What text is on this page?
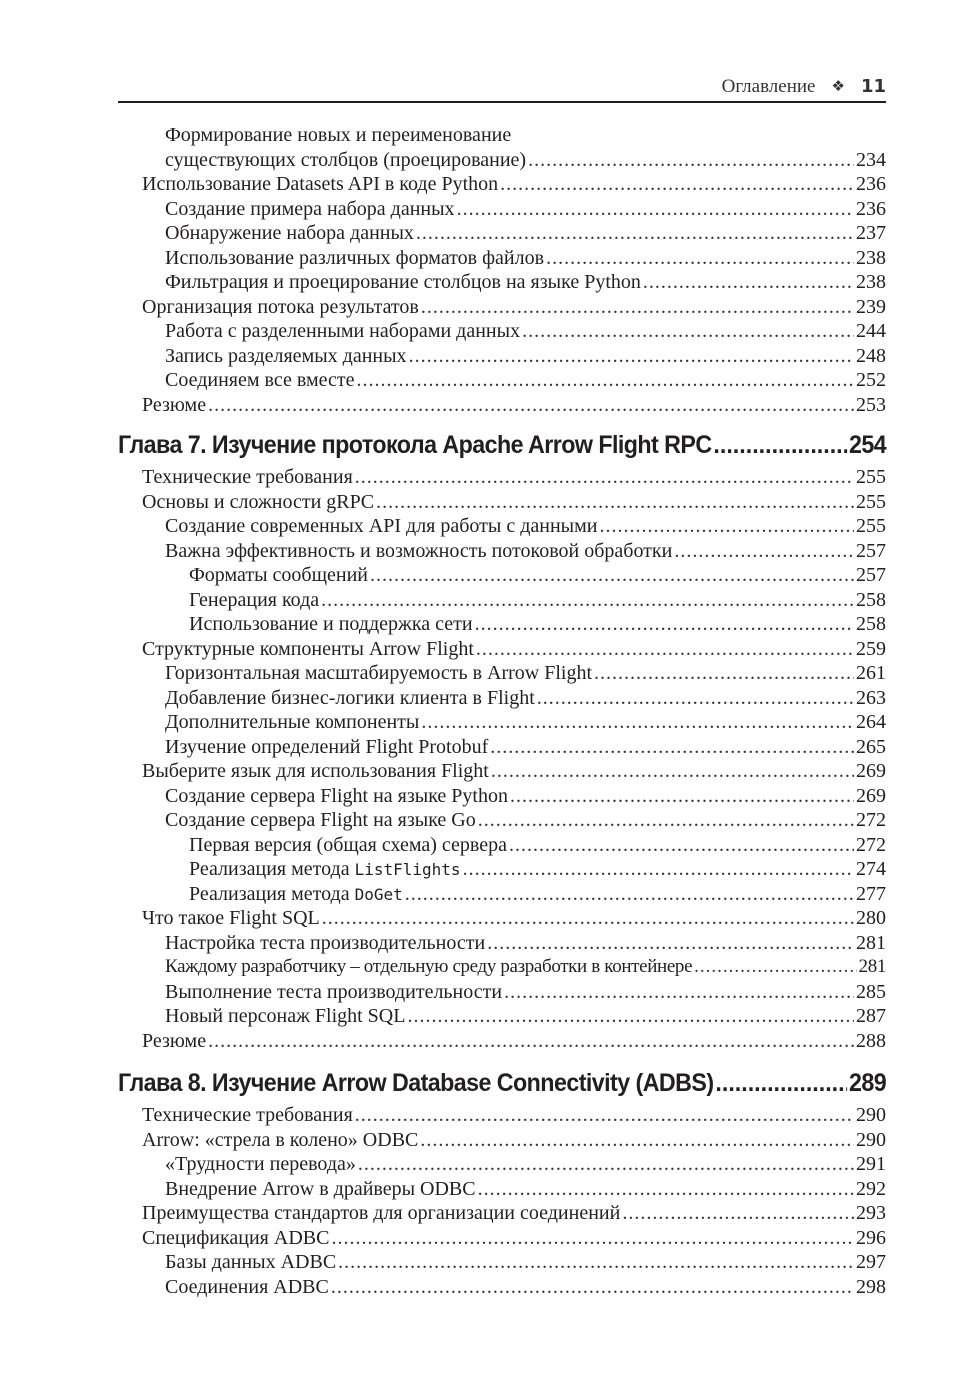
Оглавление ❖ 11
Формирование новых и переименование
существующих столбцов (проецирование) .....	234
Использование Datasets API в коде Python .....	236
Создание примера набора данных .....	236
Обнаружение набора данных .....	237
Использование различных форматов файлов .....	238
Фильтрация и проецирование столбцов на языке Python .....	238
Организация потока результатов .....	239
Работа с разделенными наборами данных .....	244
Запись разделяемых данных .....	248
Соединяем все вместе .....	252
Резюме .....	253
Глава 7. Изучение протокола Apache Arrow Flight RPC .....	254
Технические требования .....	255
Основы и сложности gRPC .....	255
Создание современных API для работы с данными .....	255
Важна эффективность и возможность потоковой обработки .....	257
Форматы сообщений .....	257
Генерация кода .....	258
Использование и поддержка сети .....	258
Структурные компоненты Arrow Flight .....	259
Горизонтальная масштабируемость в Arrow Flight .....	261
Добавление бизнес-логики клиента в Flight .....	263
Дополнительные компоненты .....	264
Изучение определений Flight Protobuf .....	265
Выберите язык для использования Flight .....	269
Создание сервера Flight на языке Python .....	269
Создание сервера Flight на языке Go .....	272
Первая версия (общая схема) сервера .....	272
Реализация метода
ListFlights .....	274
Реализация метода
DoGet .....	277
Что такое Flight SQL .....	280
Настройка теста производительности .....	281
Каждому разработчику – отдельную среду разработки в контейнере .....	281
Выполнение теста производительности .....	285
Новый персонаж Flight SQL .....	287
Резюме .....	288
Глава 8. Изучение Arrow Database Connectivity (ADBS) .....	289
Технические требования .....	290
Arrow: «стрела в колено» ODBC .....	290
«Трудности перевода» .....	291
Внедрение Arrow в драйверы ODBC .....	292
Преимущества стандартов для организации соединений .....	293
Спецификация ADBC .....	296
Базы данных ADBC .....	297
Соединения ADBC .....	298
